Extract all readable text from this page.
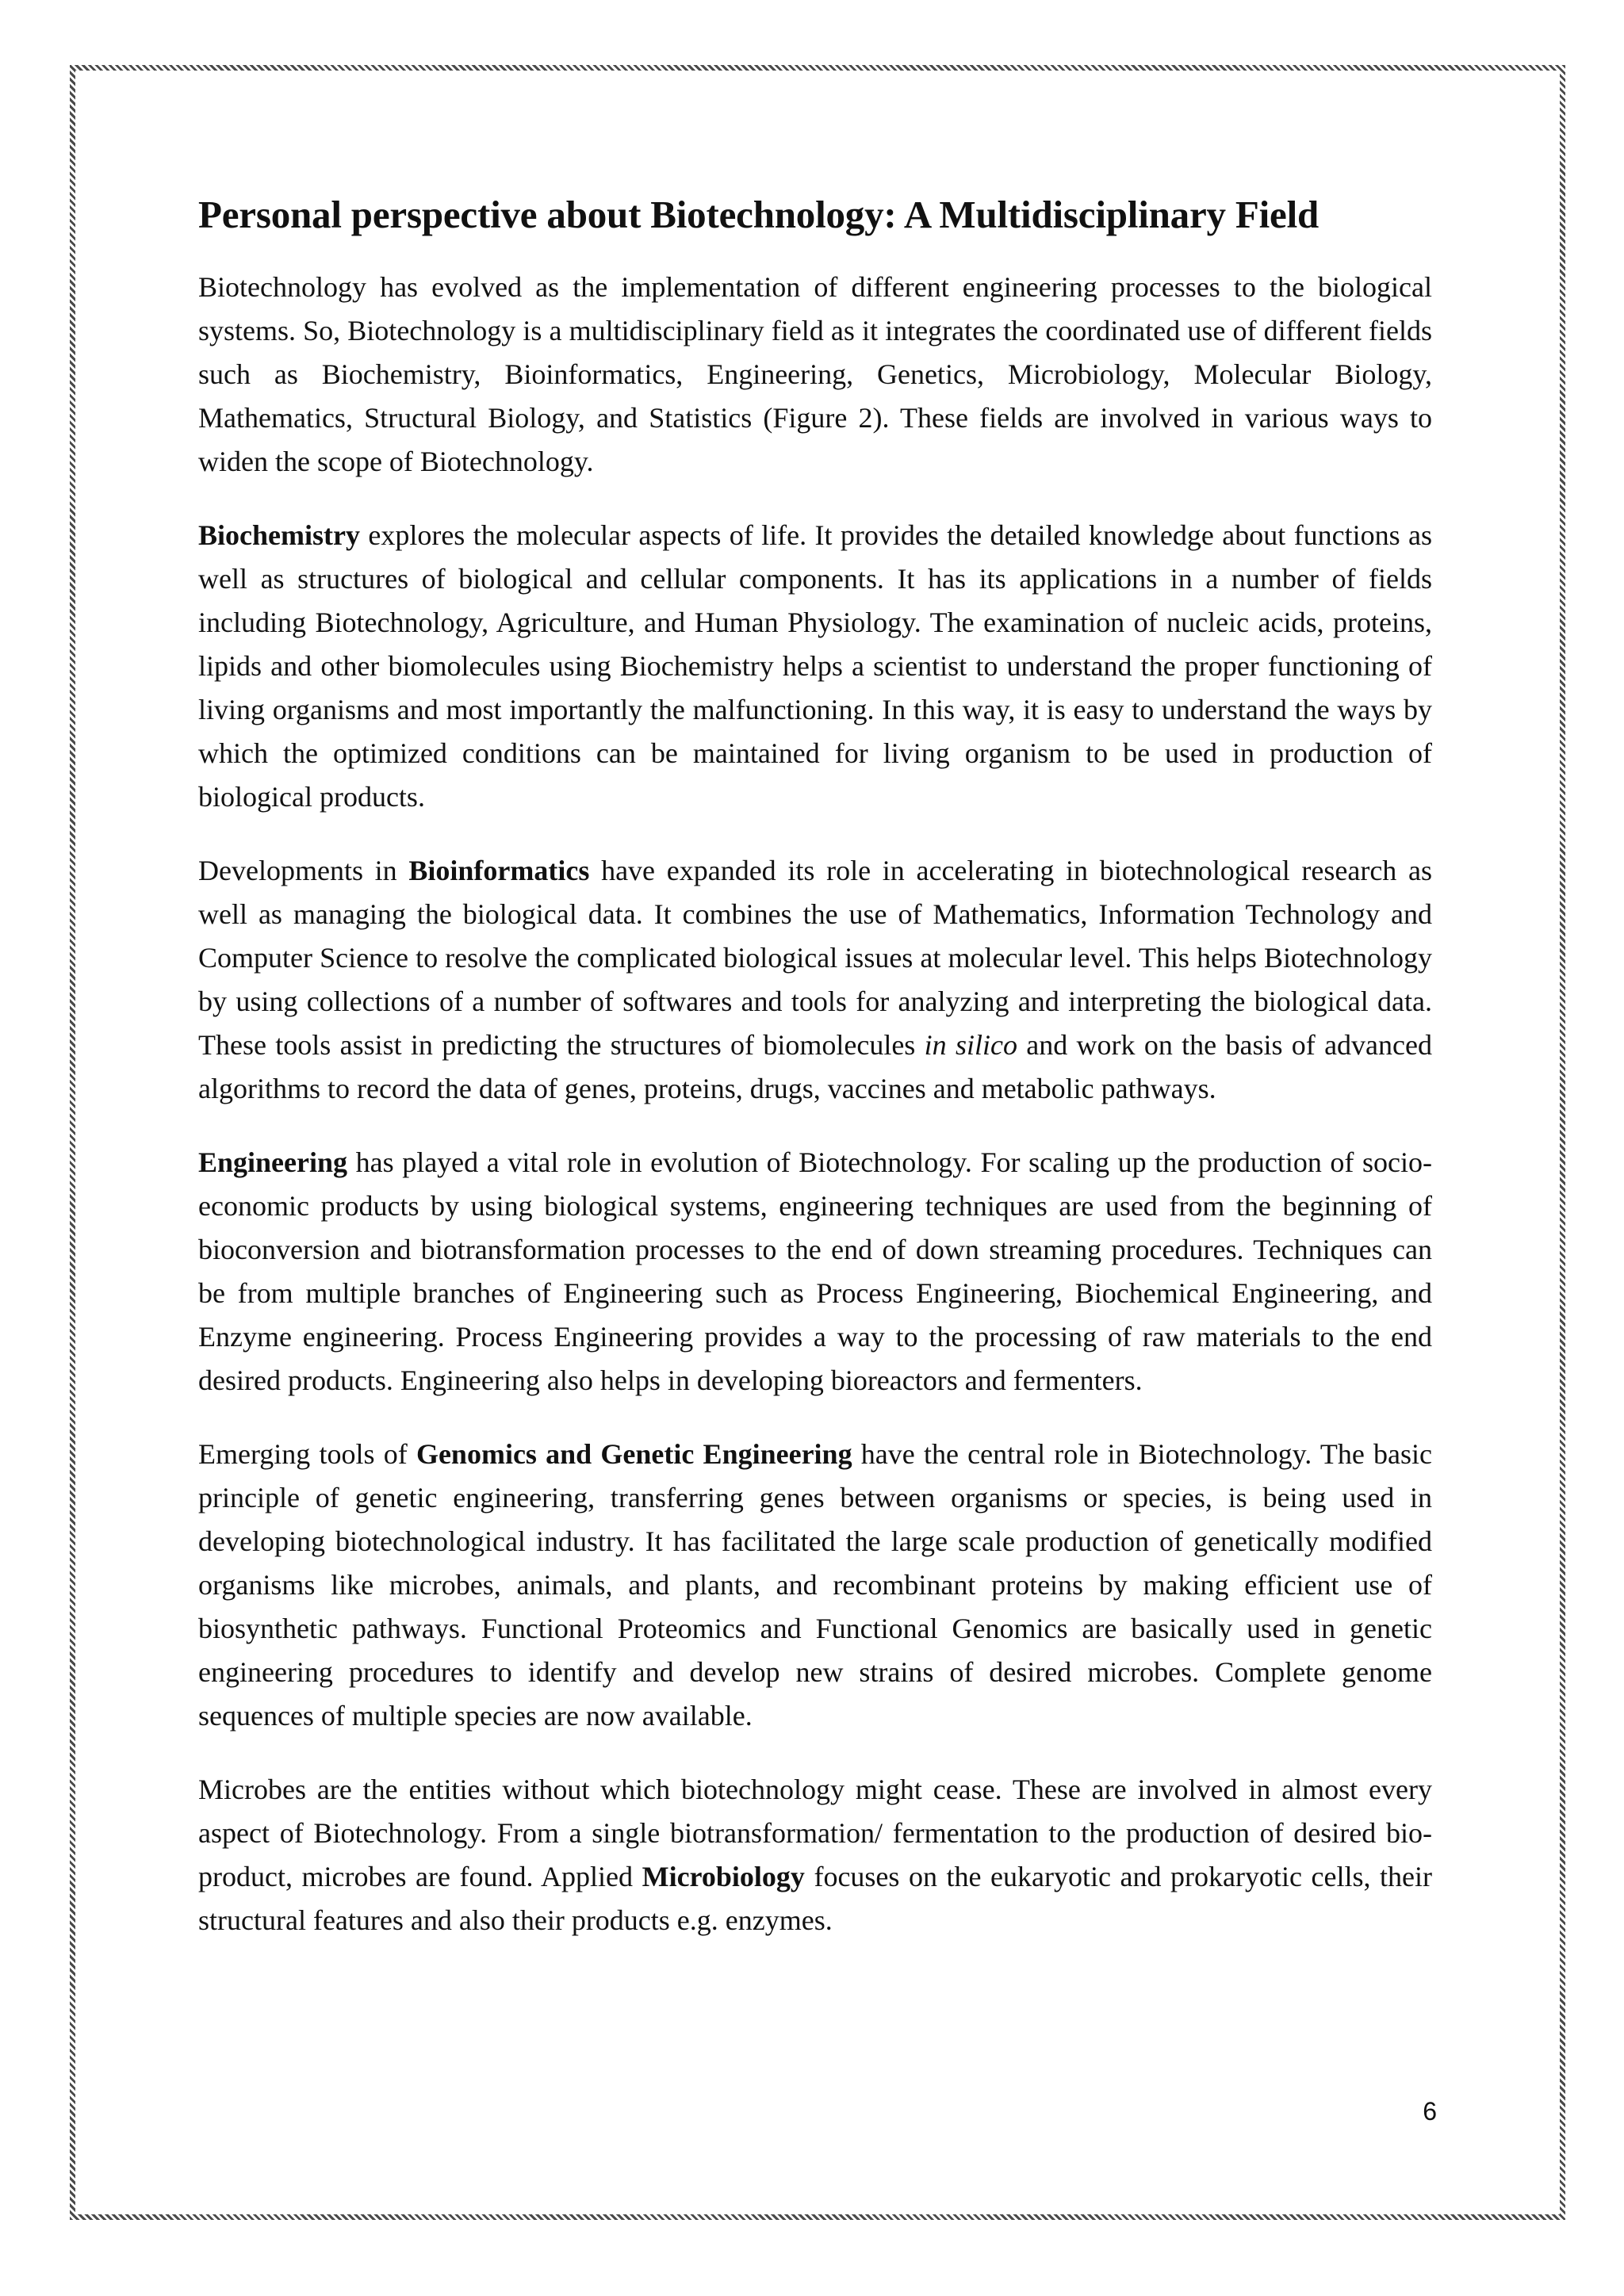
Personal perspective about Biotechnology: A Multidisciplinary Field

Biotechnology has evolved as the implementation of different engineering processes to the biological systems. So, Biotechnology is a multidisciplinary field as it integrates the coordinated use of different fields such as Biochemistry, Bioinformatics, Engineering, Genetics, Microbiology, Molecular Biology, Mathematics, Structural Biology, and Statistics (Figure 2). These fields are involved in various ways to widen the scope of Biotechnology.

Biochemistry explores the molecular aspects of life. It provides the detailed knowledge about functions as well as structures of biological and cellular components. It has its applications in a number of fields including Biotechnology, Agriculture, and Human Physiology. The examination of nucleic acids, proteins, lipids and other biomolecules using Biochemistry helps a scientist to understand the proper functioning of living organisms and most importantly the malfunctioning. In this way, it is easy to understand the ways by which the optimized conditions can be maintained for living organism to be used in production of biological products.

Developments in Bioinformatics have expanded its role in accelerating in biotechnological research as well as managing the biological data. It combines the use of Mathematics, Information Technology and Computer Science to resolve the complicated biological issues at molecular level. This helps Biotechnology by using collections of a number of softwares and tools for analyzing and interpreting the biological data. These tools assist in predicting the structures of biomolecules in silico and work on the basis of advanced algorithms to record the data of genes, proteins, drugs, vaccines and metabolic pathways.

Engineering has played a vital role in evolution of Biotechnology. For scaling up the production of socio- economic products by using biological systems, engineering techniques are used from the beginning of bioconversion and biotransformation processes to the end of down streaming procedures. Techniques can be from multiple branches of Engineering such as Process Engineering, Biochemical Engineering, and Enzyme engineering. Process Engineering provides a way to the processing of raw materials to the end desired products. Engineering also helps in developing bioreactors and fermenters.

Emerging tools of Genomics and Genetic Engineering have the central role in Biotechnology. The basic principle of genetic engineering, transferring genes between organisms or species, is being used in developing biotechnological industry. It has facilitated the large scale production of genetically modified organisms like microbes, animals, and plants, and recombinant proteins by making efficient use of biosynthetic pathways. Functional Proteomics and Functional Genomics are basically used in genetic engineering procedures to identify and develop new strains of desired microbes. Complete genome sequences of multiple species are now available.

Microbes are the entities without which biotechnology might cease. These are involved in almost every aspect of Biotechnology. From a single biotransformation/ fermentation to the production of desired bio-product, microbes are found. Applied Microbiology focuses on the eukaryotic and prokaryotic cells, their structural features and also their products e.g. enzymes.

6
